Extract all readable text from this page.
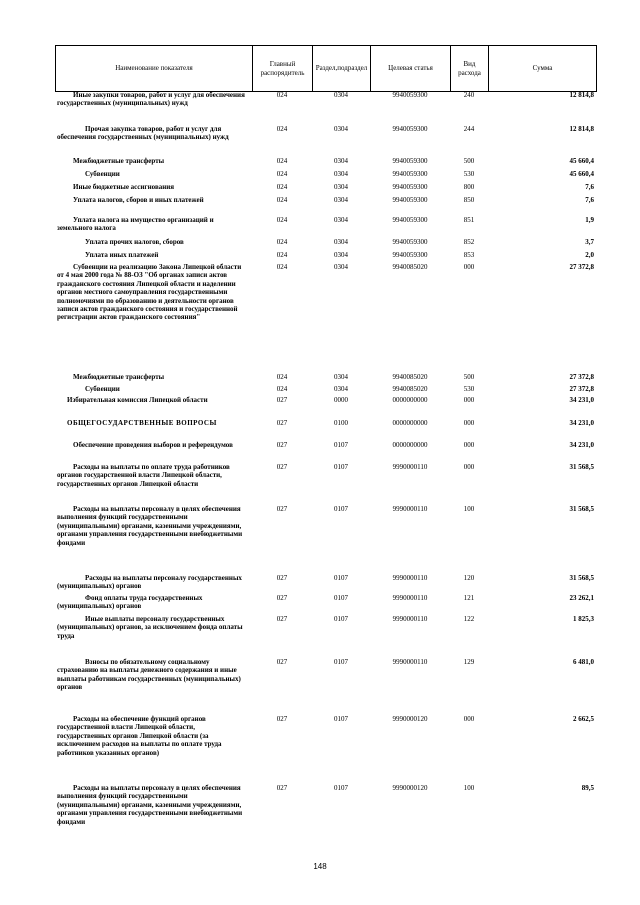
Наименование показателя	Главный распорядитель	Раздел,подраздел	Целевая статья	Вид расхода	Сумма
Иные закупки товаров, работ и услуг для обеспечения государственных (муниципальных) нужд
024	0304	9940059300	240	12 814,8
Прочая закупка товаров, работ и услуг для обеспечения государственных (муниципальных) нужд
024	0304	9940059300	244	12 814,8
Межбюджетные трансферты	024	0304	9940059300	500	45 660,4
Субвенции	024	0304	9940059300	530	45 660,4
Иные бюджетные ассигнования	024	0304	9940059300	800	7,6
Уплата налогов, сборов и иных платежей	024	0304	9940059300	850	7,6
Уплата налога на имущество организаций и земельного налога
024	0304	9940059300	851	1,9
Уплата прочих налогов, сборов	024	0304	9940059300	852	3,7
Уплата иных платежей	024	0304	9940059300	853	2,0
Субвенции на реализацию Закона Липецкой области от 4 мая 2000 года № 88-ОЗ "Об органах записи актов гражданского состояния Липецкой области и наделении органов местного самоуправления государственными полномочиями по образованию и деятельности органов записи актов гражданского состояния и государственной регистрации актов гражданского состояния"
024	0304	9940085020	000	27 372,8
Межбюджетные трансферты	024	0304	9940085020	500	27 372,8
Субвенции	024	0304	9940085020	530	27 372,8
Избирательная комиссия Липецкой области	027	0000	0000000000	000	34 231,0
ОБЩЕГОСУДАРСТВЕННЫЕ ВОПРОСЫ	027	0100	0000000000	000	34 231,0
Обеспечение проведения выборов и референдумов	027	0107	0000000000	000	34 231,0
Расходы на выплаты по оплате труда работников органов государственной власти Липецкой области, государственных органов Липецкой области
027	0107	9990000110	000	31 568,5
Расходы на выплаты персоналу в целях обеспечения выполнения функций государственными (муниципальными) органами, казенными учреждениями, органами управления государственными внебюджетными фондами
027	0107	9990000110	100	31 568,5
Расходы на выплаты персоналу государственных (муниципальных) органов
027	0107	9990000110	120	31 568,5
Фонд оплаты труда государственных (муниципальных) органов
027	0107	9990000110	121	23 262,1
Иные выплаты персоналу государственных (муниципальных) органов, за исключением фонда оплаты труда
027	0107	9990000110	122	1 825,3
Взносы по обязательному социальному страхованию на выплаты денежного содержания и иные выплаты работникам государственных (муниципальных) органов
027	0107	9990000110	129	6 481,0
Расходы на обеспечение функций органов государственной власти Липецкой области, государственных органов Липецкой области (за исключением расходов на выплаты по оплате труда работников указанных органов)
027	0107	9990000120	000	2 662,5
Расходы на выплаты персоналу в целях обеспечения выполнения функций государственными (муниципальными) органами, казенными учреждениями, органами управления государственными внебюджетными фондами
027	0107	9990000120	100	89,5
148
